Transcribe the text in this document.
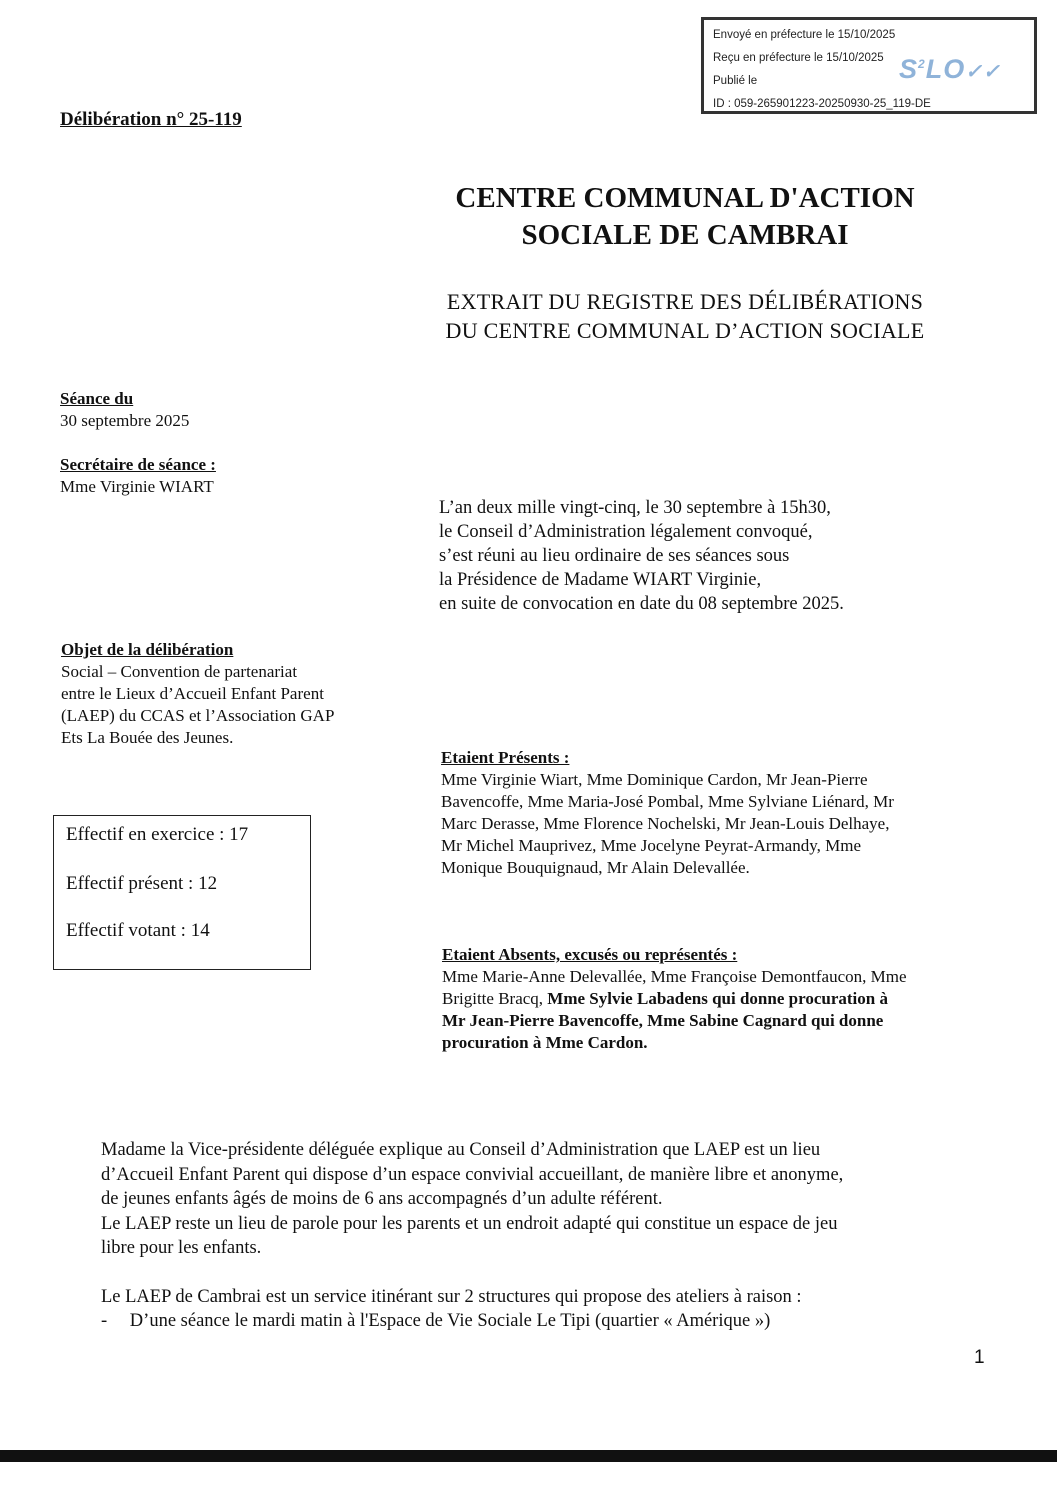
Envoyé en préfecture le 15/10/2025
Reçu en préfecture le 15/10/2025
Publié le
ID : 059-265901223-20250930-25_119-DE
$S^2LO✓✓$
Délibération n° 25-119
CENTRE COMMUNAL D'ACTION
SOCIALE DE CAMBRAI
EXTRAIT DU REGISTRE DES DÉLIBÉRATIONS
DU CENTRE COMMUNAL D’ACTION SOCIALE
Séance du
30 septembre 2025
Secrétaire de séance :
Mme Virginie WIART
L’an deux mille vingt-cinq, le 30 septembre à 15h30,
le Conseil d’Administration légalement convoqué,
s’est réuni au lieu ordinaire de ses séances sous
la Présidence de Madame WIART Virginie,
en suite de convocation en date du 08 septembre 2025.
Objet de la délibération
Social – Convention de partenariat
entre le Lieux d’Accueil Enfant Parent
(LAEP) du CCAS et l’Association GAP
Ets La Bouée des Jeunes.
Effectif en exercice : 17
Effectif présent : 12
Effectif votant : 14
Etaient Présents :
Mme Virginie Wiart, Mme Dominique Cardon, Mr Jean-Pierre
Bavencoffe, Mme Maria-José Pombal, Mme Sylviane Liénard, Mr
Marc Derasse, Mme Florence Nochelski, Mr Jean-Louis Delhaye,
Mr Michel Mauprivez, Mme Jocelyne Peyrat-Armandy, Mme
Monique Bouquignaud, Mr Alain Delevallée.
Etaient Absents, excusés ou représentés :
Mme Marie-Anne Delevallée, Mme Françoise Demontfaucon, Mme
Brigitte Bracq, Mme Sylvie Labadens qui donne procuration à
Mr Jean-Pierre Bavencoffe, Mme Sabine Cagnard qui donne
procuration à Mme Cardon.
Madame la Vice-présidente déléguée explique au Conseil d’Administration que LAEP est un lieu
d’Accueil Enfant Parent qui dispose d’un espace convivial accueillant, de manière libre et anonyme,
de jeunes enfants âgés de moins de 6 ans accompagnés d’un adulte référent.
Le LAEP reste un lieu de parole pour les parents et un endroit adapté qui constitue un espace de jeu
libre pour les enfants.
Le LAEP de Cambrai est un service itinérant sur 2 structures qui propose des ateliers à raison :
- D’une séance le mardi matin à l'Espace de Vie Sociale Le Tipi (quartier « Amérique »)
1
